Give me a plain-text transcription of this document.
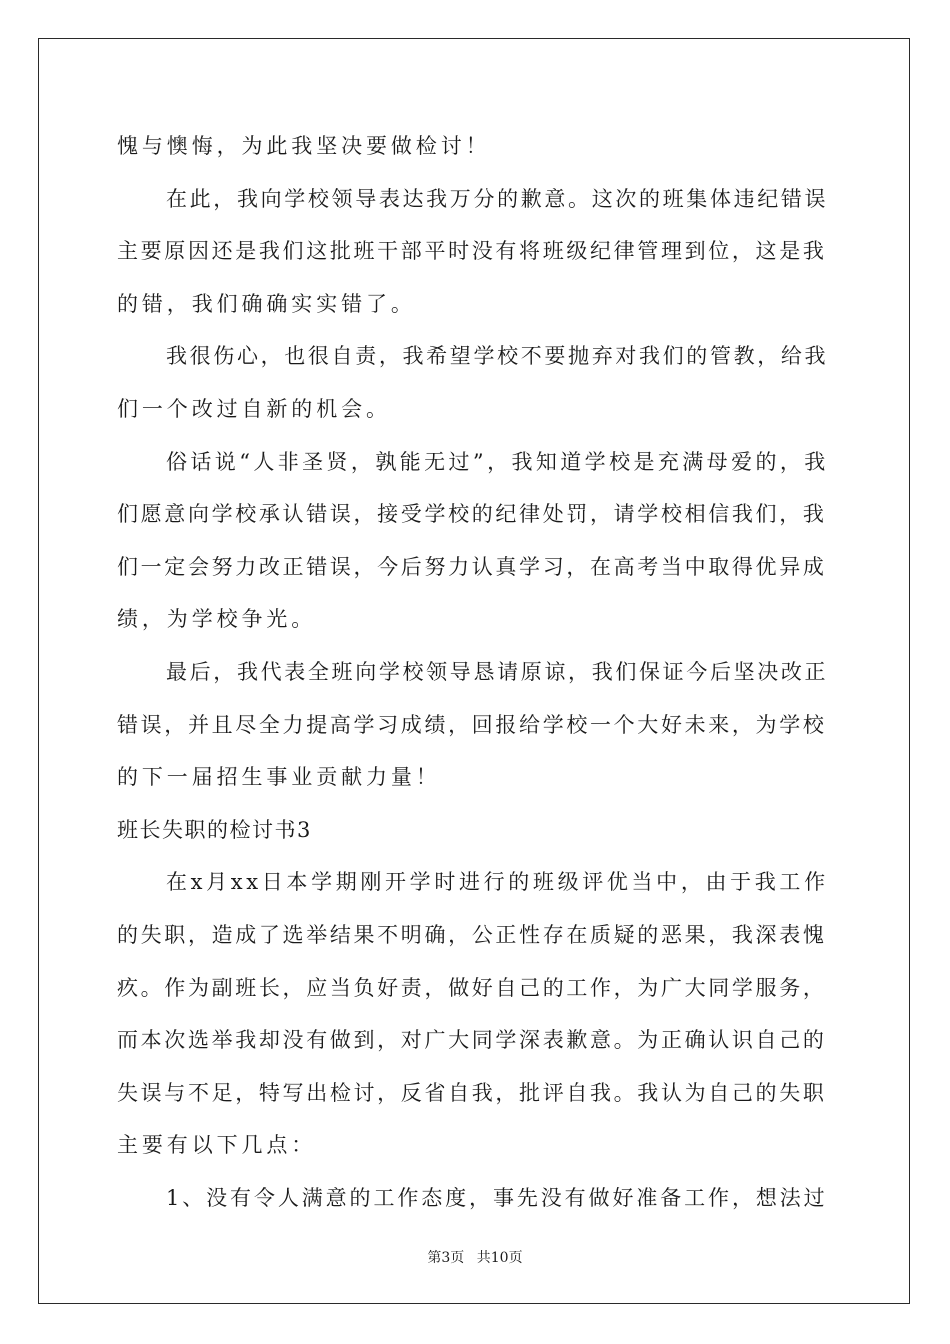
愧与懊悔，为此我坚决要做检讨！
在此，我向学校领导表达我万分的歉意。这次的班集体违纪错误
主要原因还是我们这批班干部平时没有将班级纪律管理到位，这是我
的错，我们确确实实错了。
我很伤心，也很自责，我希望学校不要抛弃对我们的管教，给我
们一个改过自新的机会。
俗话说“人非圣贤，孰能无过”，我知道学校是充满母爱的，我
们愿意向学校承认错误，接受学校的纪律处罚，请学校相信我们，我
们一定会努力改正错误，今后努力认真学习，在高考当中取得优异成
绩，为学校争光。
最后，我代表全班向学校领导恳请原谅，我们保证今后坚决改正
错误，并且尽全力提高学习成绩，回报给学校一个大好未来，为学校
的下一届招生事业贡献力量！
班长失职的检讨书3
在x月xx日本学期刚开学时进行的班级评优当中，由于我工作
的失职，造成了选举结果不明确，公正性存在质疑的恶果，我深表愧
疚。作为副班长，应当负好责，做好自己的工作，为广大同学服务，
而本次选举我却没有做到，对广大同学深表歉意。为正确认识自己的
失误与不足，特写出检讨，反省自我，批评自我。我认为自己的失职
主要有以下几点：
1、没有令人满意的工作态度，事先没有做好准备工作，想法过
第3页 共10页
